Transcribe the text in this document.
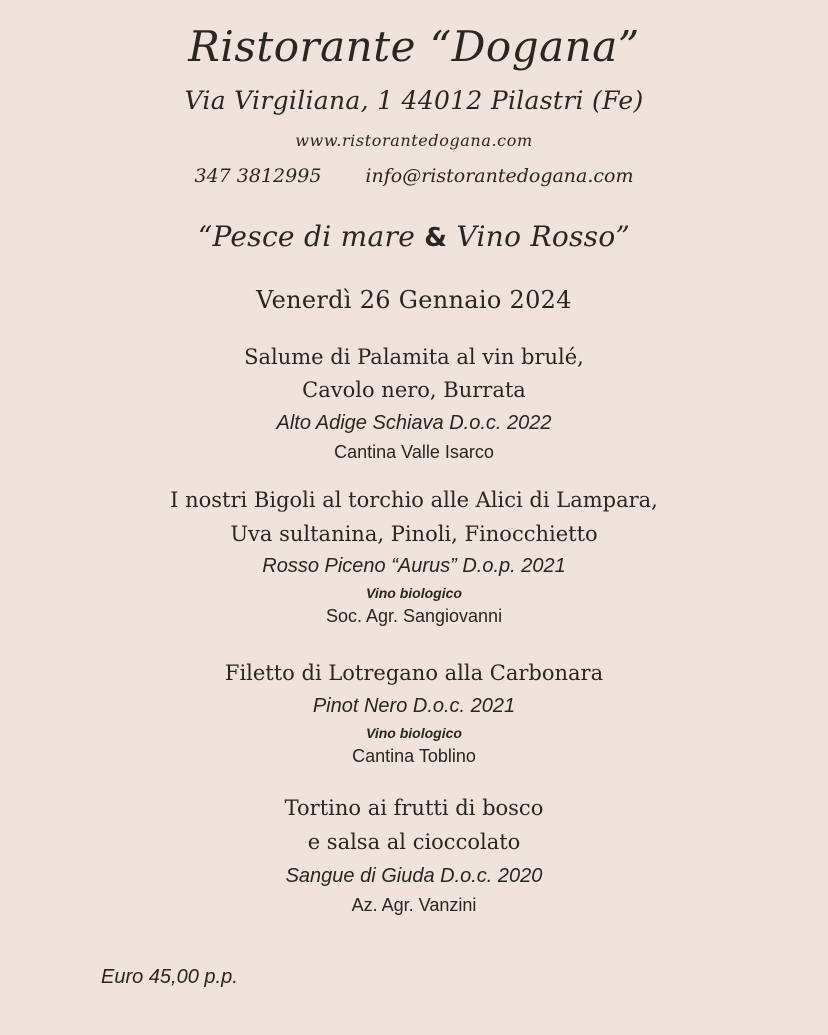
Ristorante “Dogana”
Via Virgiliana, 1 44012 Pilastri (Fe)
www.ristorantedogana.com
347 3812995 info@ristorantedogana.com
“Pesce di mare & Vino Rosso”
Venerdì 26 Gennaio 2024
Salume di Palamita al vin brulé,
Cavolo nero, Burrata
Alto Adige Schiava D.o.c. 2022
Cantina Valle Isarco
I nostri Bigoli al torchio alle Alici di Lampara,
Uva sultanina, Pinoli, Finocchietto
Rosso Piceno “Aurus” D.o.p. 2021
Vino biologico
Soc. Agr. Sangiovanni
Filetto di Lotregano alla Carbonara
Pinot Nero D.o.c. 2021
Vino biologico
Cantina Toblino
Tortino ai frutti di bosco
e salsa al cioccolato
Sangue di Giuda D.o.c. 2020
Az. Agr. Vanzini
Euro 45,00 p.p.
